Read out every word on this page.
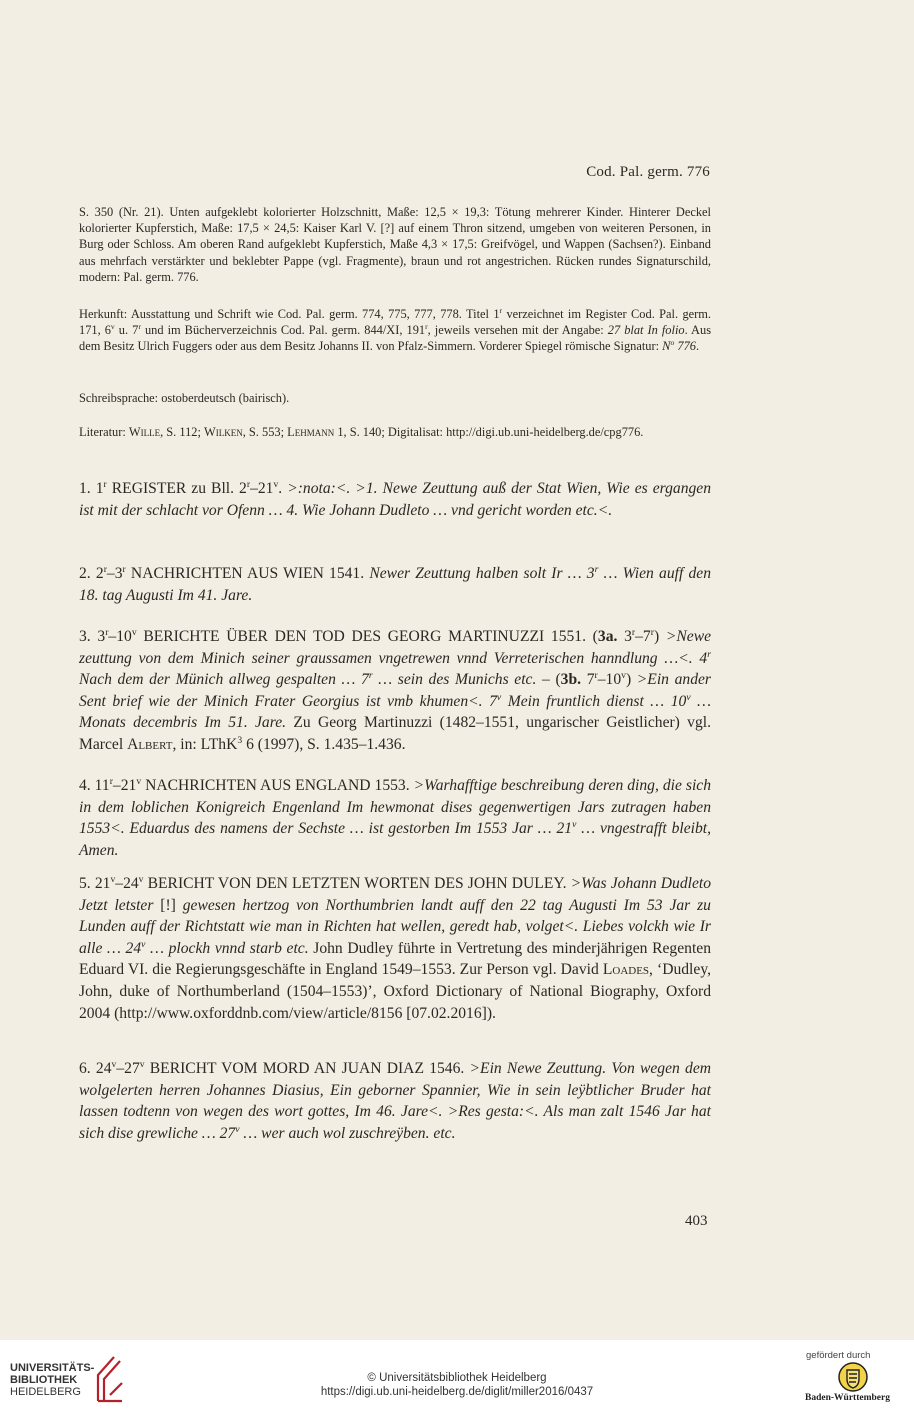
Cod. Pal. germ. 776
S. 350 (Nr. 21). Unten aufgeklebt kolorierter Holzschnitt, Maße: 12,5 × 19,3: Tötung mehrerer Kinder. Hinterer Deckel kolorierter Kupferstich, Maße: 17,5 × 24,5: Kaiser Karl V. [?] auf einem Thron sitzend, umgeben von weiteren Personen, in Burg oder Schloss. Am oberen Rand aufgeklebt Kupferstich, Maße 4,3 × 17,5: Greifvögel, und Wappen (Sachsen?). Einband aus mehrfach verstärkter und beklebter Pappe (vgl. Fragmente), braun und rot angestrichen. Rücken rundes Signaturschild, modern: Pal. germ. 776.
Herkunft: Ausstattung und Schrift wie Cod. Pal. germ. 774, 775, 777, 778. Titel 1$^r$ verzeichnet im Register Cod. Pal. germ. 171, 6$^v$ u. 7$^r$ und im Bücherverzeichnis Cod. Pal. germ. 844/XI, 191$^r$, jeweils versehen mit der Angabe: 27 blat In folio. Aus dem Besitz Ulrich Fuggers oder aus dem Besitz Johanns II. von Pfalz-Simmern. Vorderer Spiegel römische Signatur: $N^o$ 776.
Schreibsprache: ostoberdeutsch (bairisch).
Literatur: Wille, S. 112; Wilken, S. 553; Lehmann 1, S. 140; Digitalisat: http://digi.ub.uni-heidelberg.de/cpg776.
1. 1$^r$ REGISTER zu Bll. $2^r-21^v$. >:nota:<. >1. Newe Zeuttung auß der Stat Wien, Wie es ergangen ist mit der schlacht vor Ofenn … 4. Wie Johann Dudleto … vnd gericht worden etc.<.
2. 2$^r$–3$^r$ NACHRICHTEN AUS WIEN 1541. Newer Zeuttung halben solt Ir … 3$^r$ … Wien auff den 18. tag Augusti Im 41. Jare.
3. 3$^r$–10$^v$ BERICHTE ÜBER DEN TOD DES GEORG MARTINUZZI 1551. (3a. $3^r-7^r$) >Newe zeuttung von dem Minich seiner graussamen vngetrewen vnnd Verreterischen hanndlung …<. 4$^r$ Nach dem der Münich allweg gespalten … 7$^r$ … sein des Munichs etc. – (3b. $7^r-10^v) >Ein$ ander Sent brief wie der Minich Frater Georgius ist vmb khumen<. 7$^v$ Mein fruntlich dienst … 10$^v$ … Monats decembris Im 51. Jare. Zu Georg Martinuzzi (1482–1551, ungarischer Geistlicher) vgl. Marcel Albert, in: LThK$^3$ 6 (1997), S. 1.435–1.436.
4. 11$^r$–21$^v$ NACHRICHTEN AUS ENGLAND 1553. >Warhafftige beschreibung deren ding, die sich in dem loblichen Konigreich Engenland Im hewmonat dises gegenwertigen Jars zutragen haben 1553<. Eduardus des namens der Sechste … ist gestorben Im 1553 Jar … 21$^v$ … vngestrafft bleibt, Amen.
5. 21$^v$–24$^v$ BERICHT VON DEN LETZTEN WORTEN DES JOHN DULEY. >Was Johann Dudleto Jetzt letster [!] gewesen hertzog von Northumbrien landt auff den 22 tag Augusti Im 53 Jar zu Lunden auff der Richtstatt wie man in Richten hat wellen, geredt hab, volget<. Liebes volckh wie Ir alle … 24$^v$ … plockh vnnd starb etc. John Dudley führte in Vertretung des minderjährigen Regenten Eduard VI. die Regierungsgeschäfte in England 1549–1553. Zur Person vgl. David Loades, ‘Dudley, John, duke of Northumberland (1504–1553)’, Oxford Dictionary of National Biography, Oxford 2004 (http://www.oxforddnb.com/view/article/8156 [07.02.2016]).
6. 24$^v$–27$^v$ BERICHT VOM MORD AN JUAN DIAZ 1546. >Ein Newe Zeuttung. Von wegen dem wolgelerten herren Johannes Diasius, Ein geborner Spannier, Wie in sein leÿbtlicher Bruder hat lassen todtenn von wegen des wort gottes, Im 46. Jare<. >Res gesta:<. Als man zalt 1546 Jar hat sich dise grewliche … 27$^v$ … wer auch wol zuschreÿben. etc.
403
UNIVERSITÄTS-
BIBLIOTHEK
HEIDELBERG
© Universitätsbibliothek Heidelberg
https://digi.ub.uni-heidelberg.de/diglit/miller2016/0437
gefördert durch
Baden-Württemberg
